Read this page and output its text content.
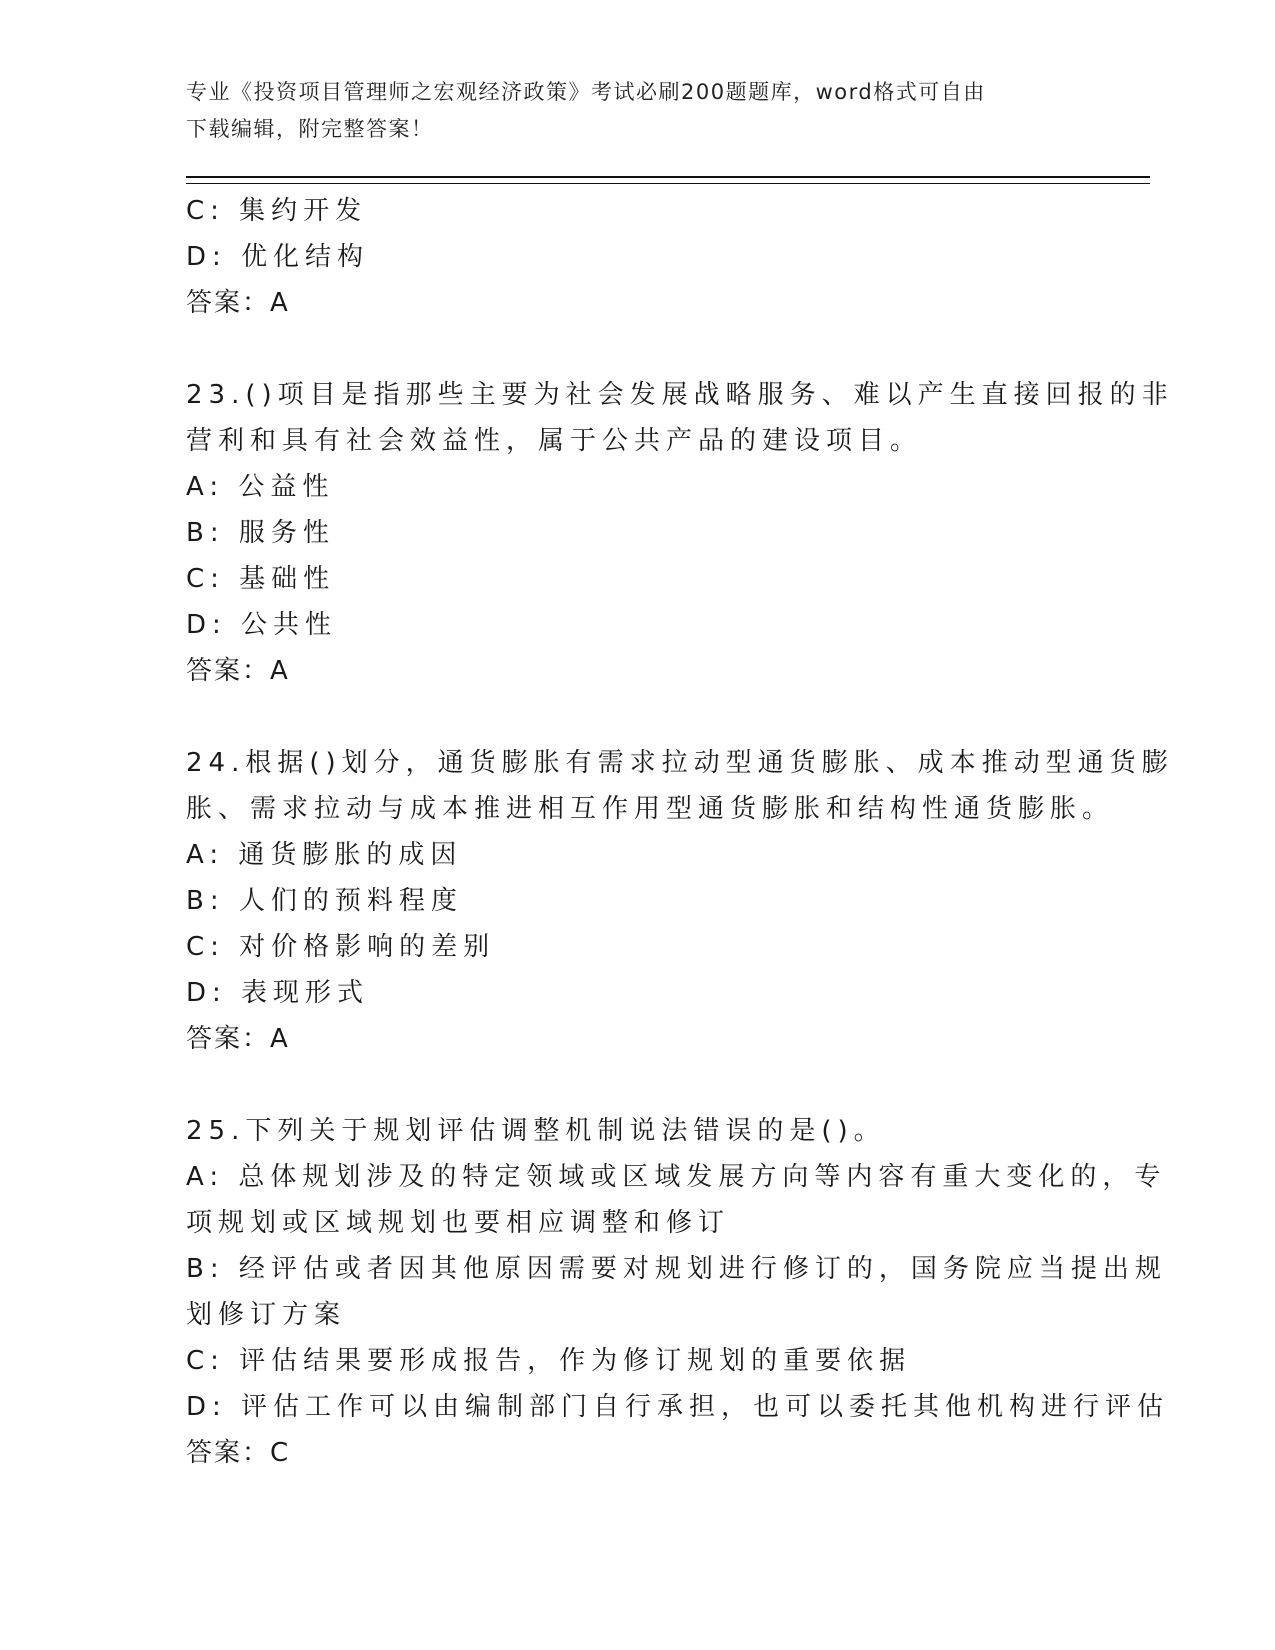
专业《投资项目管理师之宏观经济政策》考试必刷200题题库，word格式可自由
下载编辑，附完整答案！
C: 集约开发
D: 优化结构
答案：A
23.()项目是指那些主要为社会发展战略服务、难以产生直接回报的非
营利和具有社会效益性，属于公共产品的建设项目。
A: 公益性
B: 服务性
C: 基础性
D: 公共性
答案：A
24.根据()划分，通货膨胀有需求拉动型通货膨胀、成本推动型通货膨
胀、需求拉动与成本推进相互作用型通货膨胀和结构性通货膨胀。
A: 通货膨胀的成因
B: 人们的预料程度
C: 对价格影响的差别
D: 表现形式
答案：A
25.下列关于规划评估调整机制说法错误的是()。
A: 总体规划涉及的特定领域或区域发展方向等内容有重大变化的，专
项规划或区域规划也要相应调整和修订
B: 经评估或者因其他原因需要对规划进行修订的，国务院应当提出规
划修订方案
C: 评估结果要形成报告，作为修订规划的重要依据
D: 评估工作可以由编制部门自行承担，也可以委托其他机构进行评估
答案：C
